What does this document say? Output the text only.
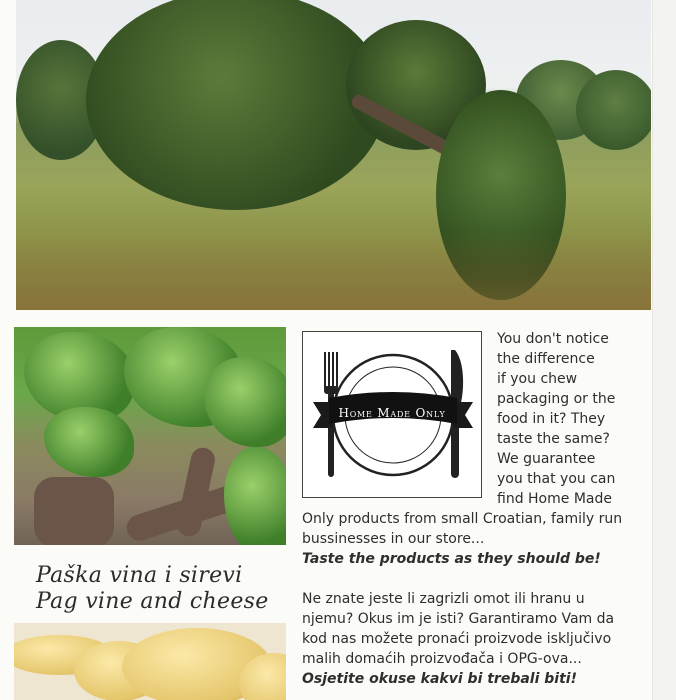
Paška vina i sirevi
Pag vine and cheese
Home Made Only
You don't notice
the difference
if you chew
packaging or the
food in it? They
taste the same?
We guarantee
you that you can
find Home Made
Only products from small Croatian, family run
bussinesses in our store...
Taste the products as they should be!
Ne znate jeste li zagrizli omot ili hranu u
njemu? Okus im je isti? Garantiramo Vam da
kod nas možete pronaći proizvode isključivo
malih domaćih proizvođača i OPG-ova...
Osjetite okuse kakvi bi trebali biti!
